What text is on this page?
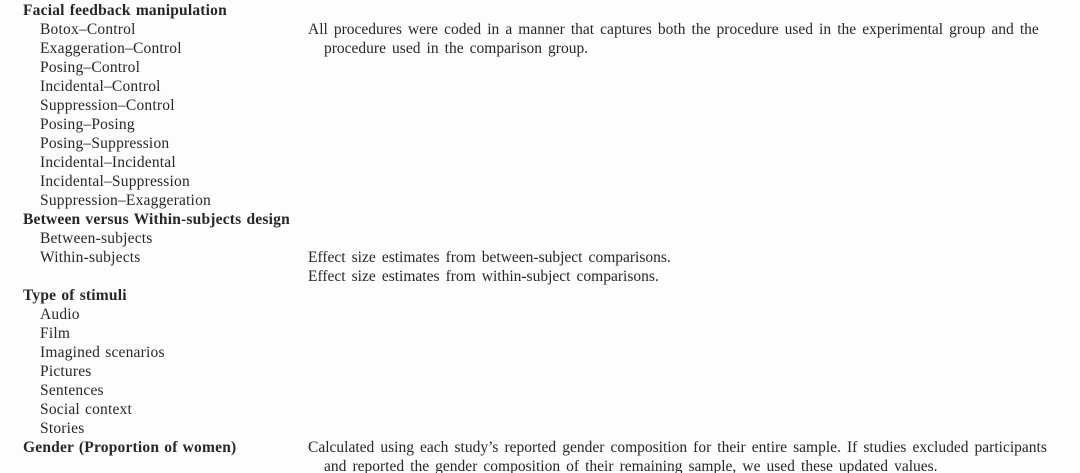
Facial feedback manipulation
Botox–Control
Exaggeration–Control
Posing–Control
Incidental–Control
Suppression–Control
Posing–Posing
Posing–Suppression
Incidental–Incidental
Incidental–Suppression
Suppression–Exaggeration

All procedures were coded in a manner that captures both the procedure used in the experimental group and the procedure used in the comparison group.

Between versus Within-subjects design
Between-subjects
Within-subjects	Effect size estimates from between-subject comparisons.

Effect size estimates from within-subject comparisons.

Type of stimuli
Audio
Film
Imagined scenarios
Pictures
Sentences
Social context
Stories
Gender (Proportion of women)	Calculated using each study’s reported gender composition for their entire sample. If studies excluded participants and reported the gender composition of their remaining sample, we used these updated values.
